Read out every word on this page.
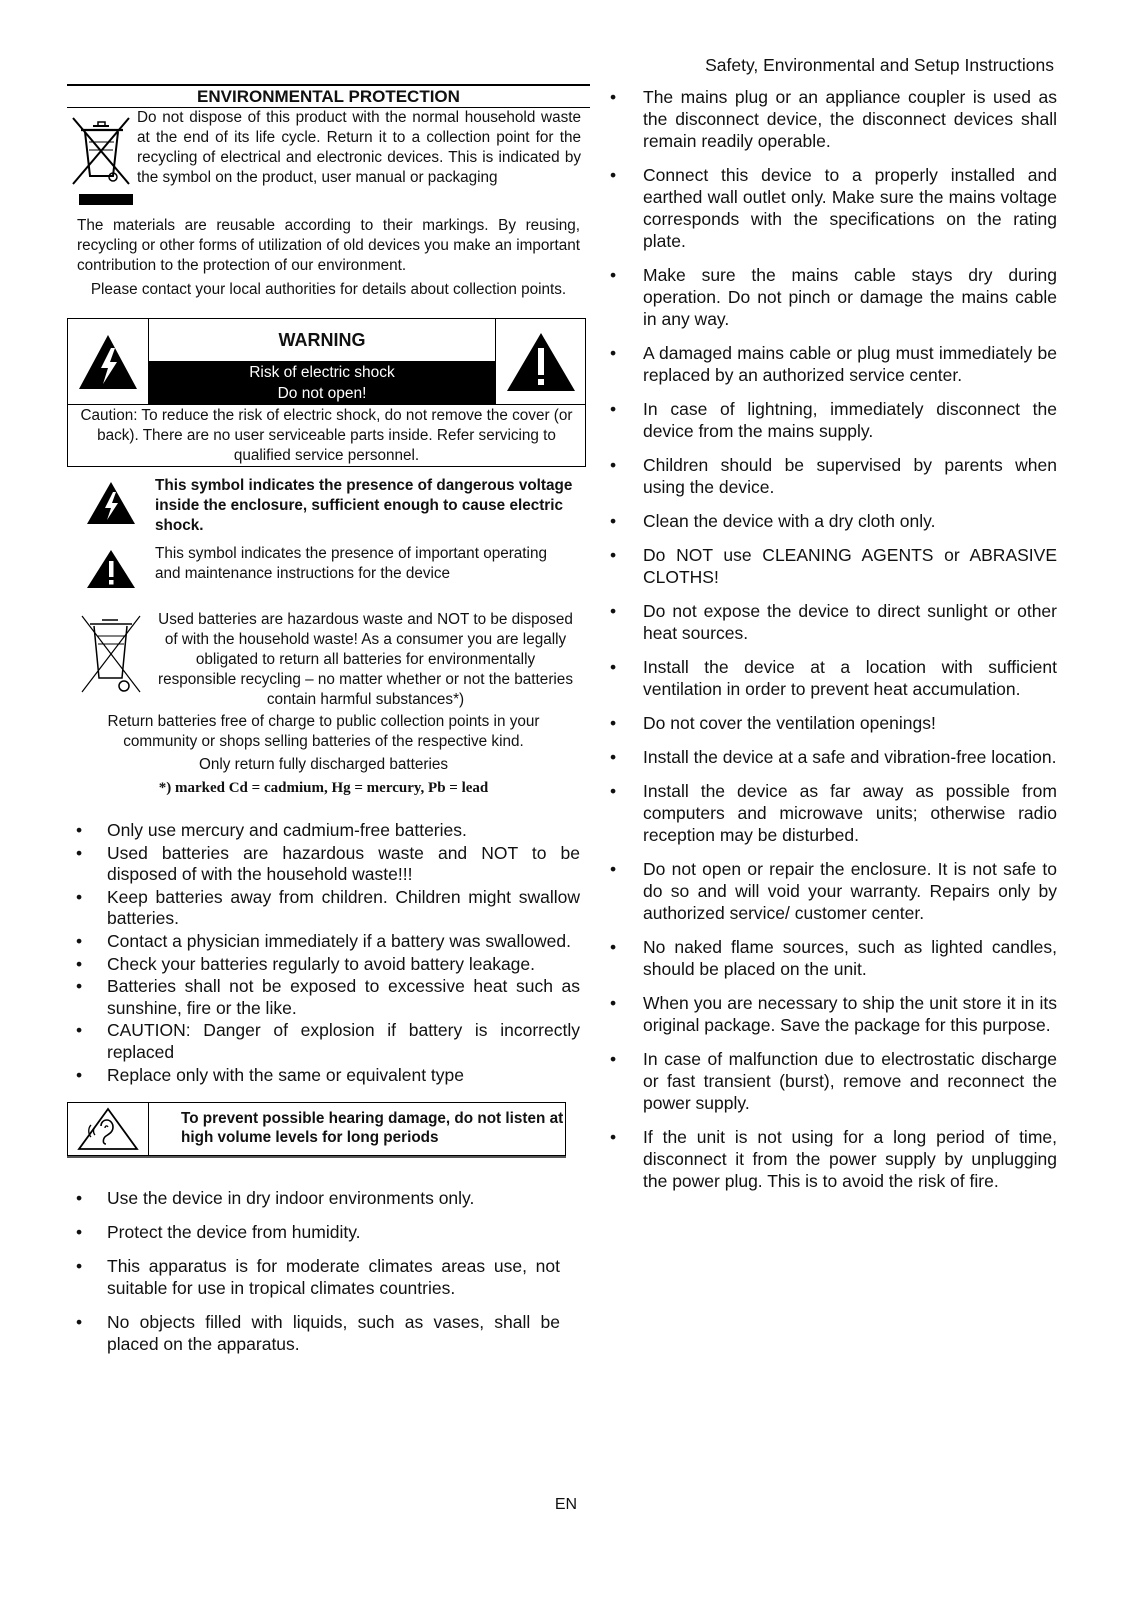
Safety, Environmental and Setup Instructions
ENVIRONMENTAL PROTECTION
Do not dispose of this product with the normal household waste at the end of its life cycle. Return it to a collection point for the recycling of electrical and electronic devices. This is indicated by the symbol on the product, user manual or packaging
The materials are reusable according to their markings. By reusing, recycling or other forms of utilization of old devices you make an important contribution to the protection of our environment.
Please contact your local authorities for details about collection points.
WARNING
Risk of electric shock
Do not open!
Caution: To reduce the risk of electric shock, do not remove the cover (or back). There are no user serviceable parts inside. Refer servicing to qualified service personnel.
This symbol indicates the presence of dangerous voltage inside the enclosure, sufficient enough to cause electric shock.
This symbol indicates the presence of important operating and maintenance instructions for the device
Used batteries are hazardous waste and NOT to be disposed of with the household waste! As a consumer you are legally obligated to return all batteries for environmentally responsible recycling – no matter whether or not the batteries contain harmful substances*)
Return batteries free of charge to public collection points in your community or shops selling batteries of the respective kind.
Only return fully discharged batteries
*) marked Cd = cadmium, Hg = mercury, Pb = lead
• Only use mercury and cadmium-free batteries.
• Used batteries are hazardous waste and NOT to be disposed of with the household waste!!!
• Keep batteries away from children. Children might swallow batteries.
• Contact a physician immediately if a battery was swallowed.
• Check your batteries regularly to avoid battery leakage.
• Batteries shall not be exposed to excessive heat such as sunshine, fire or the like.
• CAUTION: Danger of explosion if battery is incorrectly replaced
• Replace only with the same or equivalent type
To prevent possible hearing damage, do not listen at high volume levels for long periods
• Use the device in dry indoor environments only.
• Protect the device from humidity.
• This apparatus is for moderate climates areas use, not suitable for use in tropical climates countries.
• No objects filled with liquids, such as vases, shall be placed on the apparatus.
• The mains plug or an appliance coupler is used as the disconnect device, the disconnect devices shall remain readily operable.
• Connect this device to a properly installed and earthed wall outlet only. Make sure the mains voltage corresponds with the specifications on the rating plate.
• Make sure the mains cable stays dry during operation. Do not pinch or damage the mains cable in any way.
• A damaged mains cable or plug must immediately be replaced by an authorized service center.
• In case of lightning, immediately disconnect the device from the mains supply.
• Children should be supervised by parents when using the device.
• Clean the device with a dry cloth only.
• Do NOT use CLEANING AGENTS or ABRASIVE CLOTHS!
• Do not expose the device to direct sunlight or other heat sources.
• Install the device at a location with sufficient ventilation in order to prevent heat accumulation.
• Do not cover the ventilation openings!
• Install the device at a safe and vibration-free location.
• Install the device as far away as possible from computers and microwave units; otherwise radio reception may be disturbed.
• Do not open or repair the enclosure. It is not safe to do so and will void your warranty. Repairs only by authorized service/ customer center.
• No naked flame sources, such as lighted candles, should be placed on the unit.
• When you are necessary to ship the unit store it in its original package. Save the package for this purpose.
• In case of malfunction due to electrostatic discharge or fast transient (burst), remove and reconnect the power supply.
• If the unit is not using for a long period of time, disconnect it from the power supply by unplugging the power plug. This is to avoid the risk of fire.
EN
